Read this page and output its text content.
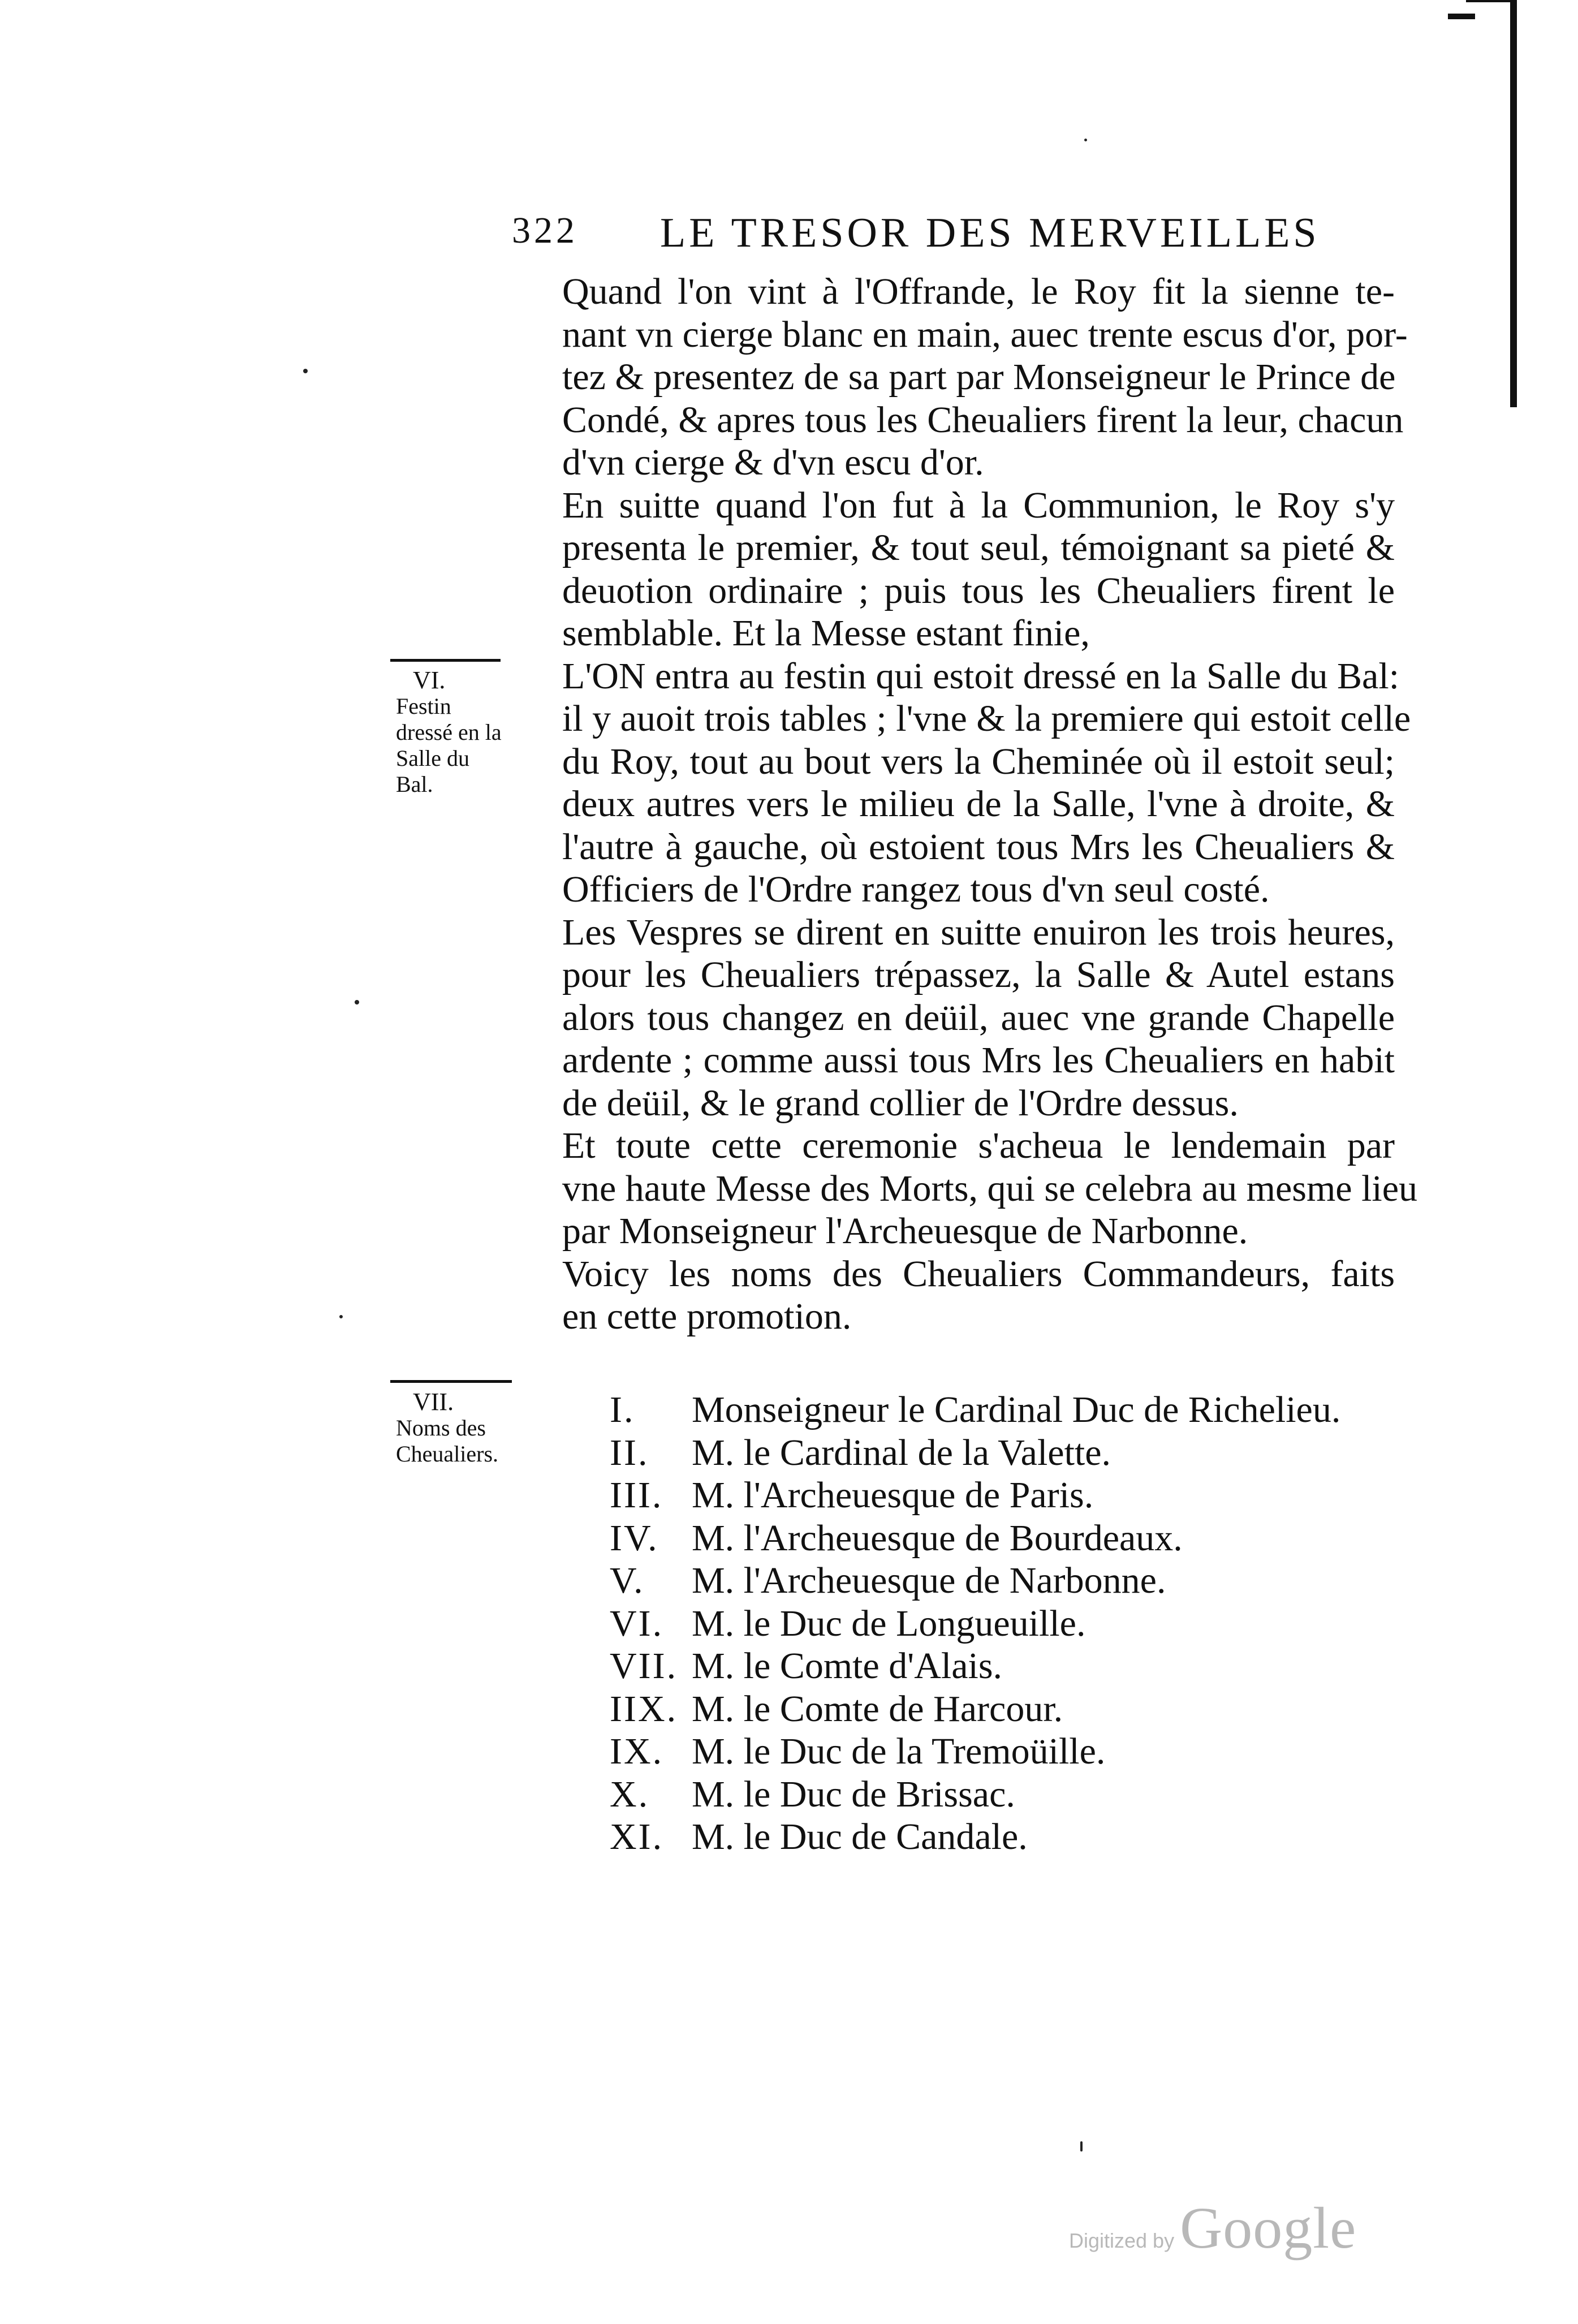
322 LE TRESOR DES MERVEILLES

Quand l'on vint à l'Offrande, le Roy fit la sienne te-
nant vn cierge blanc en main, auec trente escus d'or, por-
tez & presentez de sa part par Monseigneur le Prince de
Condé, & apres tous les Cheualiers firent la leur, chacun
d'vn cierge & d'vn escu d'or.

En suitte quand l'on fut à la Communion, le Roy s'y
presenta le premier, & tout seul, témoignant sa pieté &
deuotion ordinaire ; puis tous les Cheualiers firent le
semblable. Et la Messe estant finie,

L'ON entra au festin qui estoit dressé en la Salle du Bal:
il y auoit trois tables ; l'vne & la premiere qui estoit celle
du Roy, tout au bout vers la Cheminée où il estoit seul;
deux autres vers le milieu de la Salle, l'vne à droite, &
l'autre à gauche, où estoient tous Mrs les Cheualiers &
Officiers de l'Ordre rangez tous d'vn seul costé.

Les Vespres se dirent en suitte enuiron les trois heures,
pour les Cheualiers trépassez, la Salle & Autel estans
alors tous changez en deüil, auec vne grande Chapelle
ardente ; comme aussi tous Mrs les Cheualiers en habit
de deüil, & le grand collier de l'Ordre dessus.

Et toute cette ceremonie s'acheua le lendemain par
vne haute Messe des Morts, qui se celebra au mesme lieu
par Monseigneur l'Archeuesque de Narbonne.

Voicy les noms des Cheualiers Commandeurs, faits
en cette promotion.

VI.
Festin dressé en la Salle du Bal.
VII.
Noms des Cheualiers.
I.	Monseigneur le Cardinal Duc de Richelieu.
II.	M. le Cardinal de la Valette.
III. M. l'Archeuesque de Paris.
IV. M. l'Archeuesque de Bourdeaux.
V.	M. l'Archeuesque de Narbonne.
VI. M. le Duc de Longueuille.
VII. M. le Comte d'Alais.
IIX. M. le Comte de Harcour.
IX. M. le Duc de la Tremoüille.
X.	M. le Duc de Brissac.
XI. M. le Duc de Candale.
Digitized by Google
